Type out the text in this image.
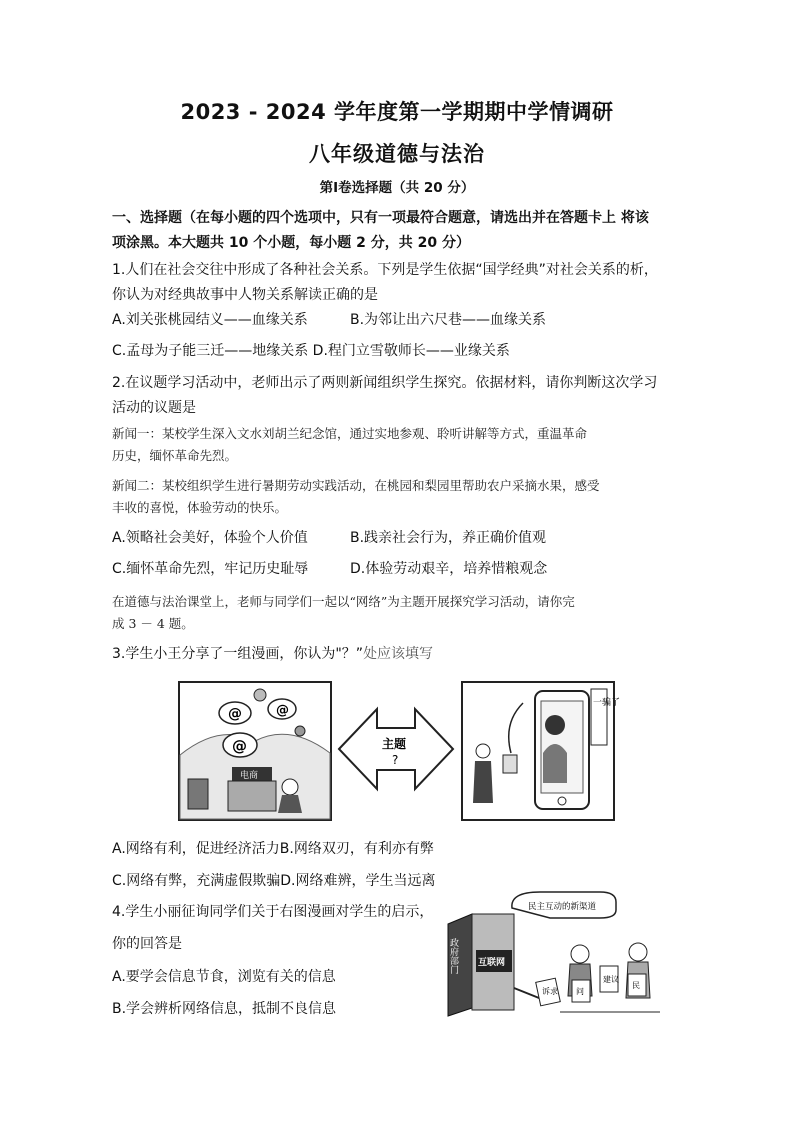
2023 - 2024 学年度第一学期期中学情调研
八年级道德与法治
第Ⅰ卷选择题（共 20 分）
一、选择题（在每小题的四个选项中，只有一项最符合题意，请选出并在答题卡上 将该
项涂黑。本大题共 10 个小题，每小题 2 分，共 20 分）
1.人们在社会交往中形成了各种社会关系。下列是学生依据“国学经典”对社会关系的析，
你认为对经典故事中人物关系解读正确的是
A.刘关张桃园结义——血缘关系	B.为邻让出六尺巷——血缘关系
C.孟母为子能三迁——地缘关系 D.程门立雪敬师长——业缘关系
2.在议题学习活动中，老师出示了两则新闻组织学生探究。依据材料，请你判断这次学习
活动的议题是
新闻一：某校学生深入文水刘胡兰纪念馆，通过实地参观、聆听讲解等方式，重温革命
历史，缅怀革命先烈。
新闻二：某校组织学生进行暑期劳动实践活动，在桃园和梨园里帮助农户采摘水果，感受
丰收的喜悦，体验劳动的快乐。
A.领略社会美好，体验个人价值	B.践亲社会行为，养正确价值观
C.缅怀革命先烈，牢记历史耻辱	D.体验劳动艰辛，培养惜粮观念
在道德与法治课堂上，老师与同学们一起以“网络”为主题开展探究学习活动，请你完
成 3 － 4 题。
3.学生小王分享了一组漫画，你认为"？”处应该填写
@	@
@
电商
主题
?
一骗了
A.网络有利，促进经济活力B.网络双刃，有利亦有弊
C.网络有弊，充满虚假欺骗D.网络难辨，学生当远离
4.学生小丽征询同学们关于右图漫画对学生的启示，
你的回答是
A.要学会信息节食，浏览有关的信息
B.学会辨析网络信息，抵制不良信息
民主互动的新渠道
政府部门 互联网
诉求 问
建议
民
